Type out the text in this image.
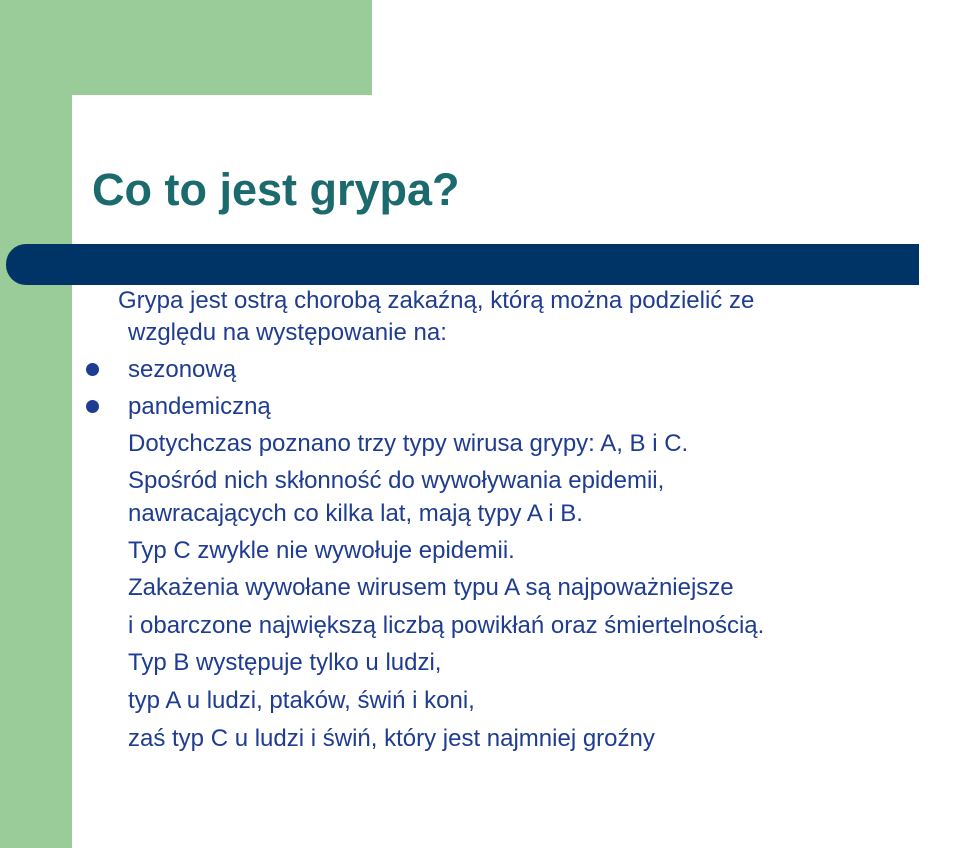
Co to jest grypa?

Grypa jest ostrą chorobą zakaźną, którą można podzielić ze

względu na występowanie na:

sezonową

pandemiczną

Dotychczas poznano trzy typy wirusa grypy: A, B i C.

Spośród nich skłonność do wywoływania epidemii,

nawracających co kilka lat, mają typy A i B.

Typ C zwykle nie wywołuje epidemii.

Zakażenia wywołane wirusem typu A są najpoważniejsze

i obarczone największą liczbą powikłań oraz śmiertelnością.

Typ B występuje tylko u ludzi,

typ A u ludzi, ptaków, świń i koni,

zaś typ C u ludzi i świń, który jest najmniej groźny
